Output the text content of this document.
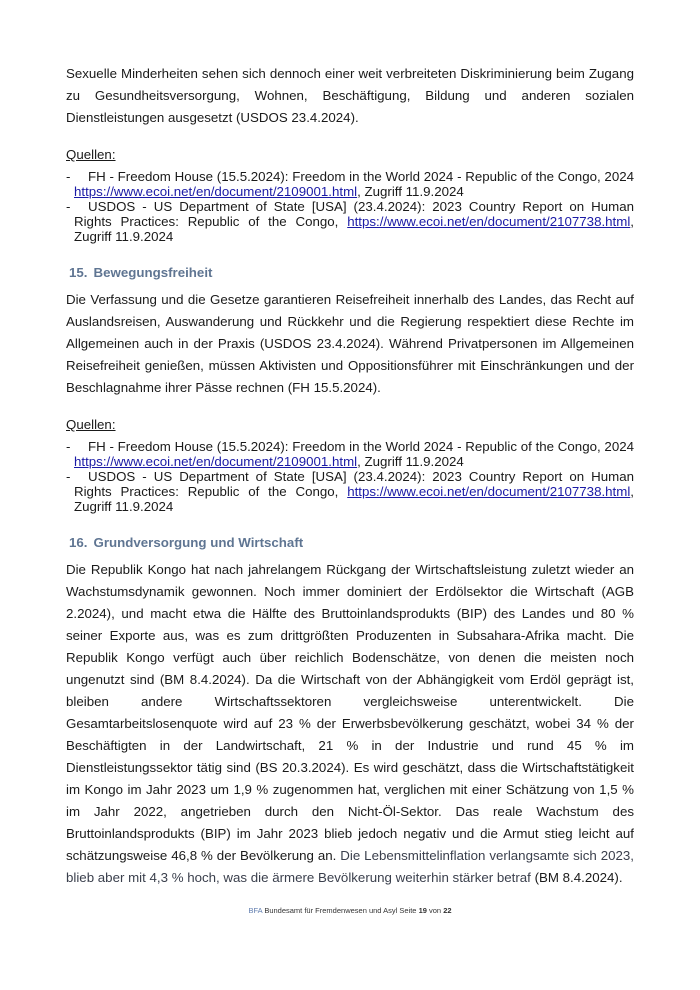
Sexuelle Minderheiten sehen sich dennoch einer weit verbreiteten Diskriminierung beim Zugang zu Gesundheitsversorgung, Wohnen, Beschäftigung, Bildung und anderen sozialen Dienstleistungen ausgesetzt (USDOS 23.4.2024).

Quellen:

- FH - Freedom House (15.5.2024): Freedom in the World 2024 - Republic of the Congo, 2024 https://www.ecoi.net/en/document/2109001.html, Zugriff 11.9.2024
- USDOS - US Department of State [USA] (23.4.2024): 2023 Country Report on Human Rights Practices: Republic of the Congo, https://www.ecoi.net/en/document/2107738.html, Zugriff 11.9.2024
15. Bewegungsfreiheit

Die Verfassung und die Gesetze garantieren Reisefreiheit innerhalb des Landes, das Recht auf Auslandsreisen, Auswanderung und Rückkehr und die Regierung respektiert diese Rechte im Allgemeinen auch in der Praxis (USDOS 23.4.2024). Während Privatpersonen im Allgemeinen Reisefreiheit genießen, müssen Aktivisten und Oppositionsführer mit Einschränkungen und der Beschlagnahme ihrer Pässe rechnen (FH 15.5.2024).

Quellen:

- FH - Freedom House (15.5.2024): Freedom in the World 2024 - Republic of the Congo, 2024 https://www.ecoi.net/en/document/2109001.html, Zugriff 11.9.2024
- USDOS - US Department of State [USA] (23.4.2024): 2023 Country Report on Human Rights Practices: Republic of the Congo, https://www.ecoi.net/en/document/2107738.html, Zugriff 11.9.2024
16. Grundversorgung und Wirtschaft

Die Republik Kongo hat nach jahrelangem Rückgang der Wirtschaftsleistung zuletzt wieder an Wachstumsdynamik gewonnen. Noch immer dominiert der Erdölsektor die Wirtschaft (AGB 2.2024), und macht etwa die Hälfte des Bruttoinlandsprodukts (BIP) des Landes und 80 % seiner Exporte aus, was es zum drittgrößten Produzenten in Subsahara-Afrika macht. Die Republik Kongo verfügt auch über reichlich Bodenschätze, von denen die meisten noch ungenutzt sind (BM 8.4.2024). Da die Wirtschaft von der Abhängigkeit vom Erdöl geprägt ist, bleiben andere Wirtschaftssektoren vergleichsweise unterentwickelt. Die Gesamtarbeitslosenquote wird auf 23 % der Erwerbsbevölkerung geschätzt, wobei 34 % der Beschäftigten in der Landwirtschaft, 21 % in der Industrie und rund 45 % im Dienstleistungssektor tätig sind (BS 20.3.2024). Es wird geschätzt, dass die Wirtschaftstätigkeit im Kongo im Jahr 2023 um 1,9 % zugenommen hat, verglichen mit einer Schätzung von 1,5 % im Jahr 2022, angetrieben durch den Nicht-Öl-Sektor. Das reale Wachstum des Bruttoinlandsprodukts (BIP) im Jahr 2023 blieb jedoch negativ und die Armut stieg leicht auf schätzungsweise 46,8 % der Bevölkerung an. Die Lebensmittelinflation verlangsamte sich 2023, blieb aber mit 4,3 % hoch, was die ärmere Bevölkerung weiterhin stärker betraf (BM 8.4.2024).

BFA Bundesamt für Fremdenwesen und Asyl Seite 19 von 22
